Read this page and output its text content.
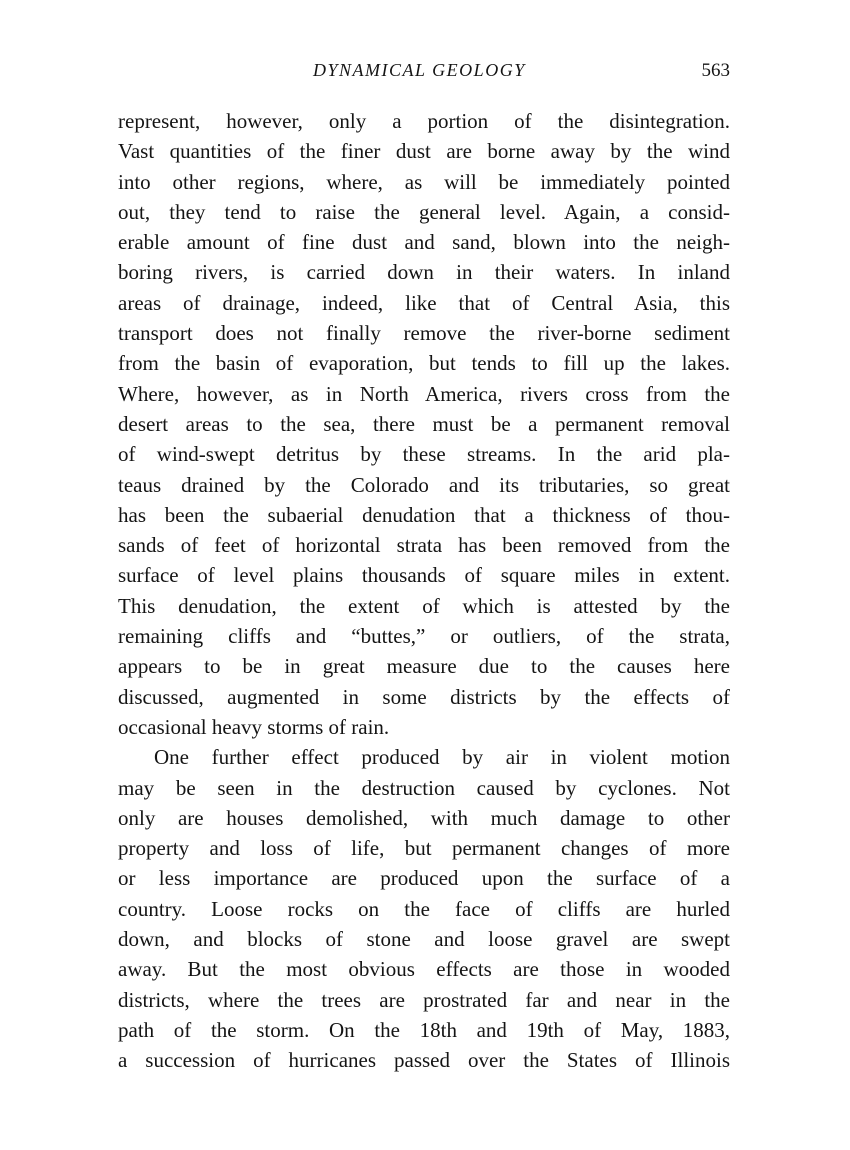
DYNAMICAL GEOLOGY	563
represent, however, only a portion of the disintegration.
Vast quantities of the finer dust are borne away by the wind
into other regions, where, as will be immediately pointed
out, they tend to raise the general level. Again, a consid-
erable amount of fine dust and sand, blown into the neigh-
boring rivers, is carried down in their waters. In inland
areas of drainage, indeed, like that of Central Asia, this
transport does not finally remove the river-borne sediment
from the basin of evaporation, but tends to fill up the lakes.
Where, however, as in North America, rivers cross from the
desert areas to the sea, there must be a permanent removal
of wind-swept detritus by these streams. In the arid pla-
teaus drained by the Colorado and its tributaries, so great
has been the subaerial denudation that a thickness of thou-
sands of feet of horizontal strata has been removed from the
surface of level plains thousands of square miles in extent.
This denudation, the extent of which is attested by the
remaining cliffs and “buttes,” or outliers, of the strata,
appears to be in great measure due to the causes here
discussed, augmented in some districts by the effects of
occasional heavy storms of rain.
One further effect produced by air in violent motion
may be seen in the destruction caused by cyclones. Not
only are houses demolished, with much damage to other
property and loss of life, but permanent changes of more
or less importance are produced upon the surface of a
country. Loose rocks on the face of cliffs are hurled
down, and blocks of stone and loose gravel are swept
away. But the most obvious effects are those in wooded
districts, where the trees are prostrated far and near in the
path of the storm. On the 18th and 19th of May, 1883,
a succession of hurricanes passed over the States of Illinois
